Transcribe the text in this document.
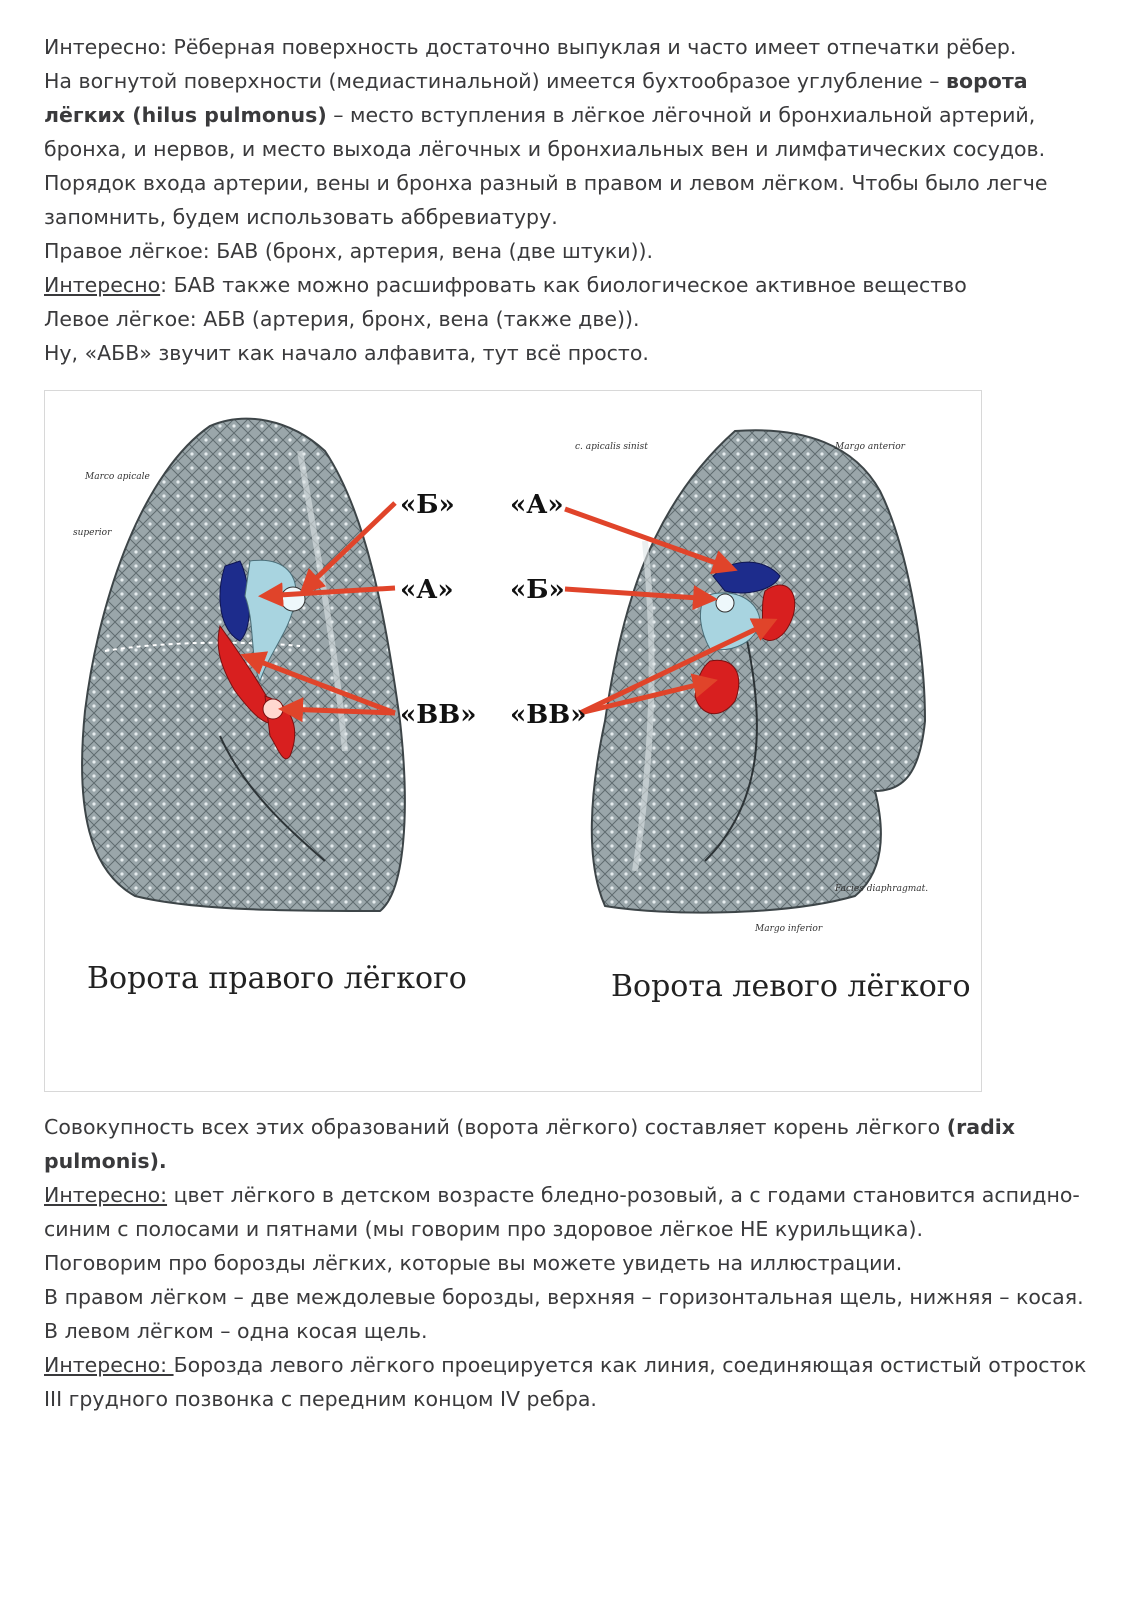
Интересно: Рёберная поверхность достаточно выпуклая и часто имеет отпечатки рёбер.

На вогнутой поверхности (медиастинальной) имеется бухтообразое углубление – ворота лёгких (hilus pulmonus) – место вступления в лёгкое лёгочной и бронхиальной артерий, бронха, и нервов, и место выхода лёгочных и бронхиальных вен и лимфатических сосудов.

Порядок входа артерии, вены и бронха разный в правом и левом лёгком. Чтобы было легче запомнить, будем использовать аббревиатуру.

Правое лёгкое: БАВ (бронх, артерия, вена (две штуки)).

Интересно: БАВ также можно расшифровать как биологическое активное вещество

Левое лёгкое: АБВ (артерия, бронх, вена (также две)).

Ну, «АБВ» звучит как начало алфавита, тут всё просто.

Marco apicale
superior
c. apicalis sinist	Margo anterior
Facies diaphragmat.
Margo inferior
«Б»
«А»
«ВВ»
«А»
«Б»
«ВВ»
Ворота правого лёгкого	Ворота левого лёгкого

Совокупность всех этих образований (ворота лёгкого) составляет корень лёгкого (radix pulmonis).

Интересно: цвет лёгкого в детском возрасте бледно-розовый, а с годами становится аспидно-синим с полосами и пятнами (мы говорим про здоровое лёгкое НЕ курильщика).

Поговорим про борозды лёгких, которые вы можете увидеть на иллюстрации.

В правом лёгком – две междолевые борозды, верхняя – горизонтальная щель, нижняя – косая.

В левом лёгком – одна косая щель.

Интересно: Борозда левого лёгкого проецируется как линия, соединяющая остистый отросток III грудного позвонка с передним концом IV ребра.
